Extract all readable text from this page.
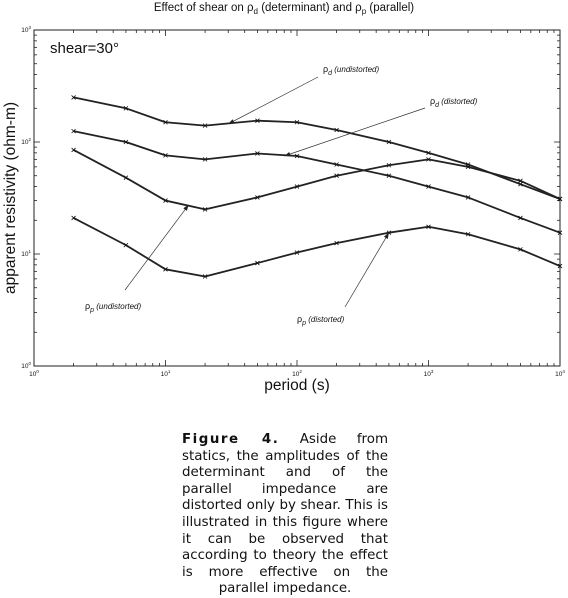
Effect of shear on $\rho_d$ (determinant) and $\rho_p$ (parallel)
$10^0$	$10^1$	$10^2$	$10^3$	$10^4$
$10^0$
$10^1$
$10^2$
$10^3$
$\rho_d$ (undistorted)
$\rho_d$ (distorted)
$\rho_p$ (undistorted)
$\rho_p$ (distorted)
shear=30°
apparent resistivity (ohm-m)
period (s)
Figure 4. Aside from statics, the amplitudes of the determinant and of the parallel impedance are distorted only by shear. This is illustrated in this figure where it can be observed that according to theory the effect is more effective on the parallel impedance.
